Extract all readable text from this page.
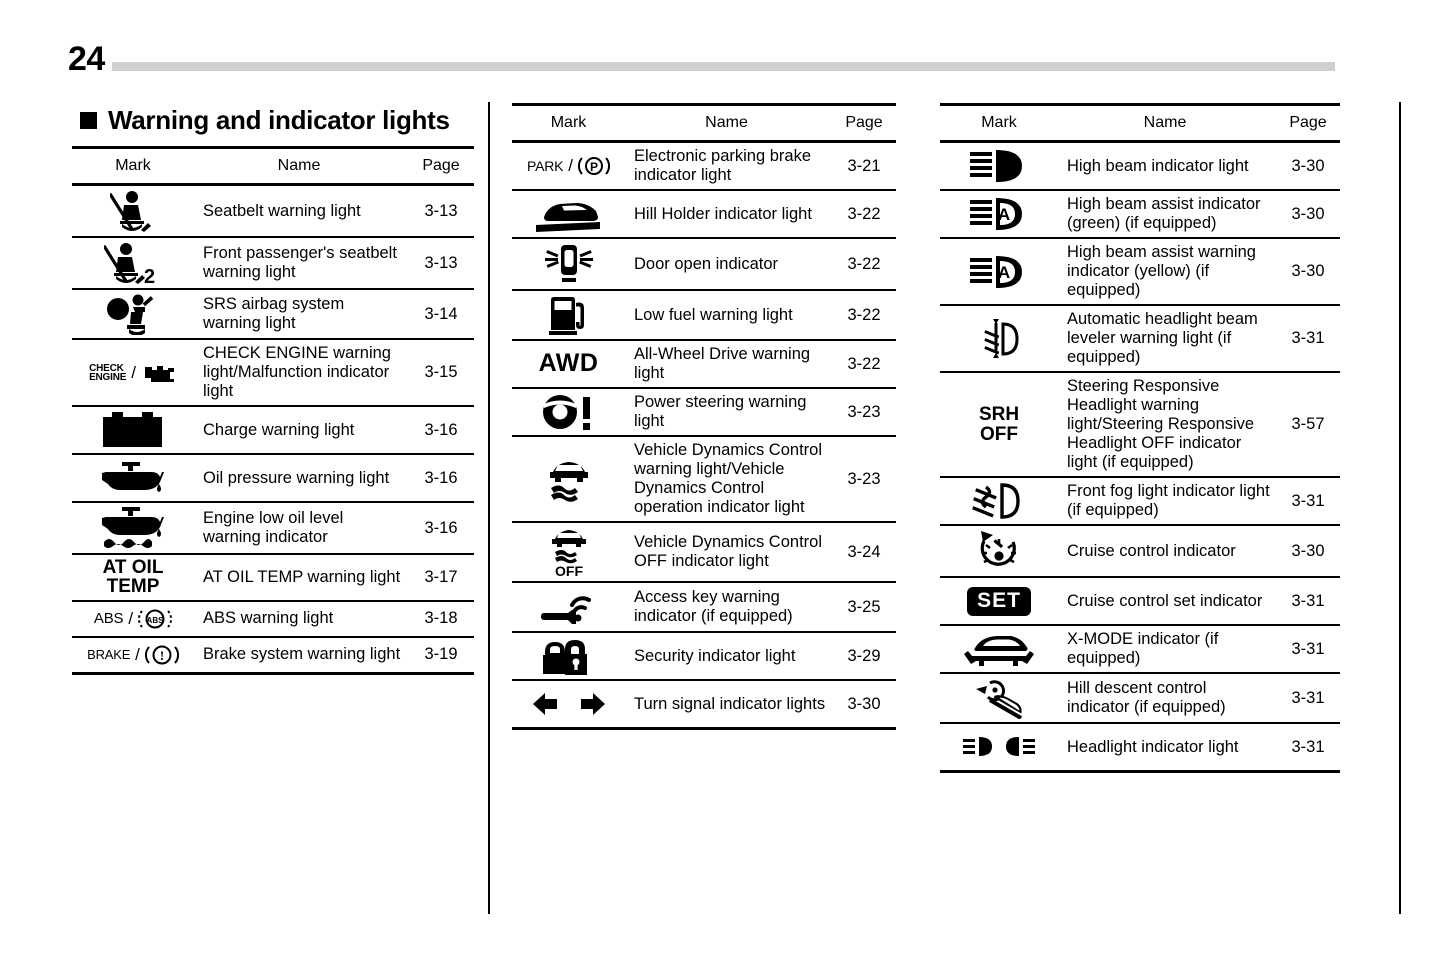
24
Warning and indicator lights
Mark	Name	Page

	Seatbelt warning light	3-13

2	Front passenger's seatbelt warning light	3-13

	SRS airbag system warning light	3-14

CHECK
ENGINE /	CHECK ENGINE warning light/Malfunction indicator light	3-15

	Charge warning light	3-16

	Oil pressure warning light	3-16

	Engine low oil level warning indicator	3-16

AT OIL
TEMP	AT OIL TEMP warning light	3-17

ABS / ABS	ABS warning light	3-18

BRAKE / !	Brake system warning light	3-19
Mark	Name	Page

PARK / P	Electronic parking brake indicator light	3-21

	Hill Holder indicator light	3-22

	Door open indicator	3-22

	Low fuel warning light	3-22

AWD	All-Wheel Drive warning light	3-22

	Power steering warning light	3-23

	Vehicle Dynamics Control warning light/Vehicle Dynamics Control operation indicator light	3-23

OFF	Vehicle Dynamics Control OFF indicator light	3-24

	Access key warning indicator (if equipped)	3-25

	Security indicator light	3-29

	Turn signal indicator lights	3-30
Mark	Name	Page

	High beam indicator light	3-30

A	High beam assist indicator (green) (if equipped)	3-30

A	High beam assist warning indicator (yellow) (if equipped)	3-30

	Automatic headlight beam leveler warning light (if equipped)	3-31

SRH
OFF	Steering Responsive Headlight warning light/Steering Responsive Headlight OFF indicator light (if equipped)	3-57

	Front fog light indicator light (if equipped)	3-31

	Cruise control indicator	3-30

SET	Cruise control set indicator	3-31

	X-MODE indicator (if equipped)	3-31

	Hill descent control indicator (if equipped)	3-31

	Headlight indicator light	3-31
